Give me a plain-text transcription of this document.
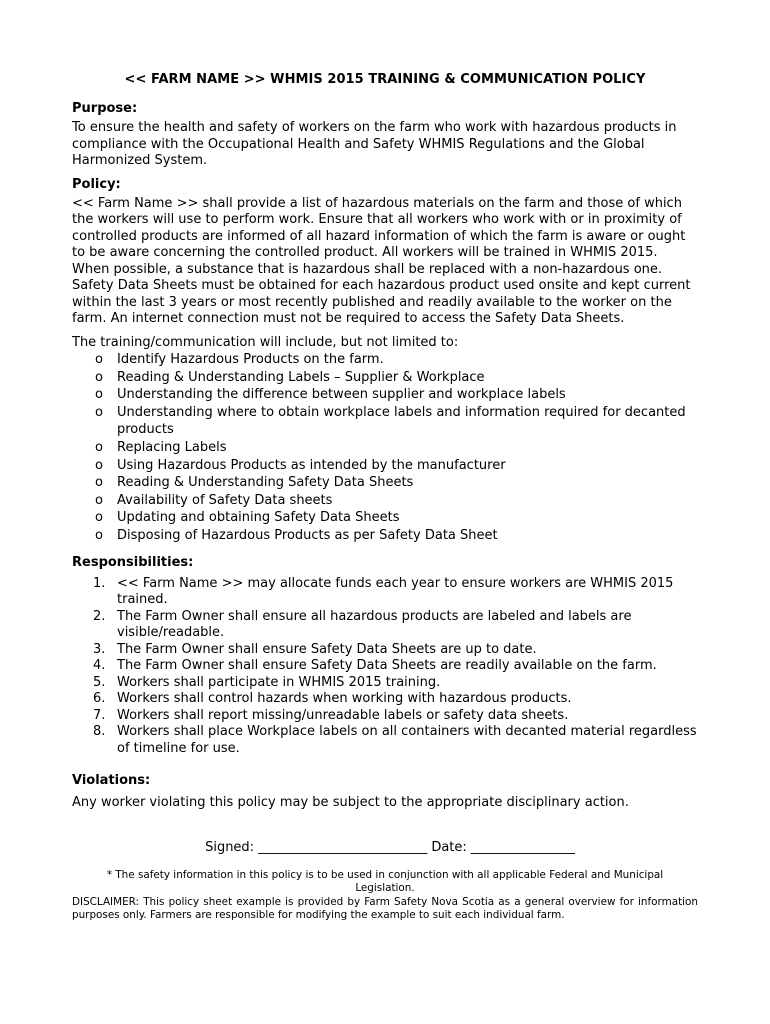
<< FARM NAME >> WHMIS 2015 TRAINING & COMMUNICATION POLICY
Purpose:
To ensure the health and safety of workers on the farm who work with hazardous products in compliance with the Occupational Health and Safety WHMIS Regulations and the Global Harmonized System.
Policy:
<< Farm Name >> shall provide a list of hazardous materials on the farm and those of which the workers will use to perform work. Ensure that all workers who work with or in proximity of controlled products are informed of all hazard information of which the farm is aware or ought to be aware concerning the controlled product. All workers will be trained in WHMIS 2015. When possible, a substance that is hazardous shall be replaced with a non-hazardous one. Safety Data Sheets must be obtained for each hazardous product used onsite and kept current within the last 3 years or most recently published and readily available to the worker on the farm. An internet connection must not be required to access the Safety Data Sheets.
The training/communication will include, but not limited to:
o Identify Hazardous Products on the farm.
o Reading & Understanding Labels – Supplier & Workplace
o Understanding the difference between supplier and workplace labels
o Understanding where to obtain workplace labels and information required for decanted products
o Replacing Labels
o Using Hazardous Products as intended by the manufacturer
o Reading & Understanding Safety Data Sheets
o Availability of Safety Data sheets
o Updating and obtaining Safety Data Sheets
o Disposing of Hazardous Products as per Safety Data Sheet
Responsibilities:
1. << Farm Name >> may allocate funds each year to ensure workers are WHMIS 2015 trained.
2. The Farm Owner shall ensure all hazardous products are labeled and labels are visible/readable.
3. The Farm Owner shall ensure Safety Data Sheets are up to date.
4. The Farm Owner shall ensure Safety Data Sheets are readily available on the farm.
5. Workers shall participate in WHMIS 2015 training.
6. Workers shall control hazards when working with hazardous products.
7. Workers shall report missing/unreadable labels or safety data sheets.
8. Workers shall place Workplace labels on all containers with decanted material regardless of timeline for use.
Violations:
Any worker violating this policy may be subject to the appropriate disciplinary action.
Signed: __________________________ Date: ________________
* The safety information in this policy is to be used in conjunction with all applicable Federal and Municipal Legislation.
DISCLAIMER: This policy sheet example is provided by Farm Safety Nova Scotia as a general overview for information purposes only. Farmers are responsible for modifying the example to suit each individual farm.
